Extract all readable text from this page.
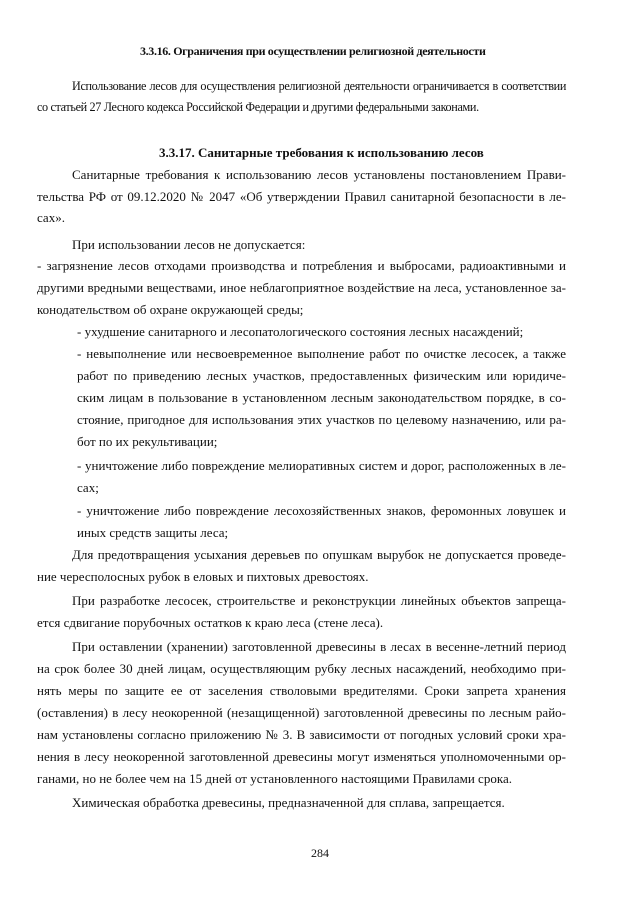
3.3.16. Ограничения при осуществлении религиозной деятельности
Использование лесов для осуществления религиозной деятельности ограничивается в соответствии
со статьей 27 Лесного кодекса Российской Федерации и другими федеральными законами.
3.3.17. Санитарные требования к использованию лесов
Санитарные требования к использованию лесов установлены постановлением Прави-
тельства РФ от 09.12.2020 № 2047 «Об утверждении Правил санитарной безопасности в ле-
сах».
При использовании лесов не допускается:
- загрязнение лесов отходами производства и потребления и выбросами, радиоактивными и
другими вредными веществами, иное неблагоприятное воздействие на леса, установленное за-
конодательством об охране окружающей среды;
- ухудшение санитарного и лесопатологического состояния лесных насаждений;
- невыполнение или несвоевременное выполнение работ по очистке лесосек, а также
работ по приведению лесных участков, предоставленных физическим или юридиче-
ским лицам в пользование в установленном лесным законодательством порядке, в со-
стояние, пригодное для использования этих участков по целевому назначению, или ра-
бот по их рекультивации;
- уничтожение либо повреждение мелиоративных систем и дорог, расположенных в ле-
сах;
- уничтожение либо повреждение лесохозяйственных знаков, феромонных ловушек и
иных средств защиты леса;
Для предотвращения усыхания деревьев по опушкам вырубок не допускается проведе-
ние чересполосных рубок в еловых и пихтовых древостоях.
При разработке лесосек, строительстве и реконструкции линейных объектов запреща-
ется сдвигание порубочных остатков к краю леса (стене леса).
При оставлении (хранении) заготовленной древесины в лесах в весенне-летний период
на срок более 30 дней лицам, осуществляющим рубку лесных насаждений, необходимо при-
нять меры по защите ее от заселения стволовыми вредителями. Сроки запрета хранения
(оставления) в лесу неокоренной (незащищенной) заготовленной древесины по лесным райо-
нам установлены согласно приложению № 3. В зависимости от погодных условий сроки хра-
нения в лесу неокоренной заготовленной древесины могут изменяться уполномоченными ор-
ганами, но не более чем на 15 дней от установленного настоящими Правилами срока.
Химическая обработка древесины, предназначенной для сплава, запрещается.
284
